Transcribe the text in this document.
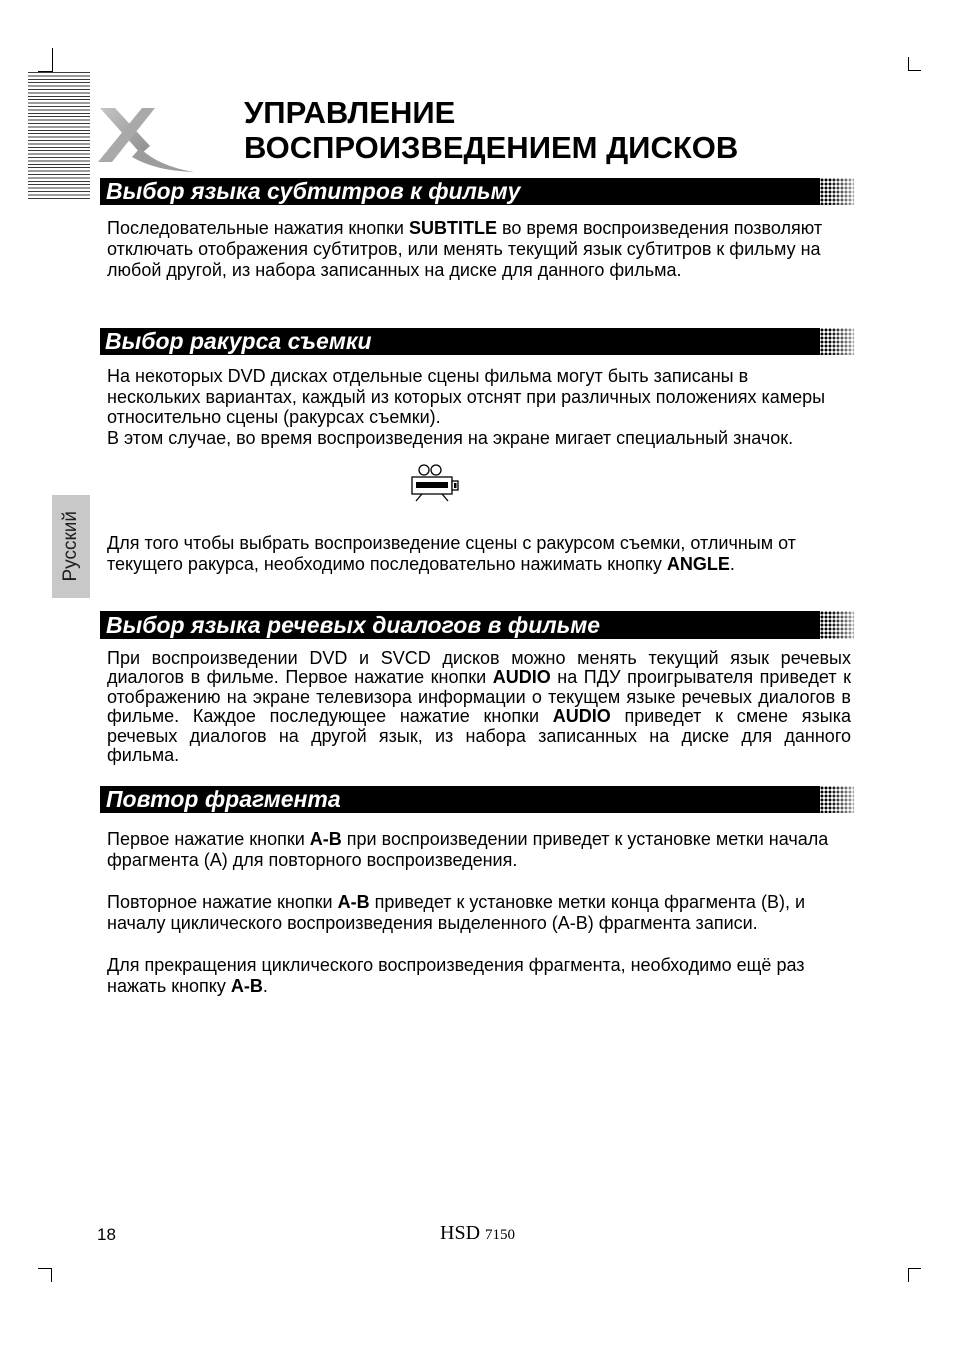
УПРАВЛЕНИЕ
ВОСПРОИЗВЕДЕНИЕМ ДИСКОВ
Выбор языка субтитров к фильму
Последовательные нажатия кнопки SUBTITLE во время воспроизведения позволяют
отключать отображения субтитров, или менять текущий язык субтитров к фильму на
любой другой, из набора записанных на диске для данного фильма.
Выбор ракурса съемки
На некоторых DVD дисках отдельные сцены фильма могут быть записаны в
нескольких вариантах, каждый из которых отснят при различных положениях камеры
относительно сцены (ракурсах съемки).
В этом случае, во время воспроизведения на экране мигает специальный значок.
Для того чтобы выбрать воспроизведение сцены с ракурсом съемки, отличным от
текущего ракурса, необходимо последовательно нажимать кнопку ANGLE.
Русский
Выбор языка речевых диалогов в фильме
При воспроизведении DVD и SVCD дисков можно менять текущий язык речевых
диалогов в фильме. Первое нажатие кнопки AUDIO на ПДУ проигрывателя приведет к
отображению на экране телевизора информации о текущем языке речевых диалогов в
фильме. Каждое последующее нажатие кнопки AUDIO приведет к смене языка
речевых диалогов на другой язык, из набора записанных на диске для данного
фильма.
Повтор фрагмента
Первое нажатие кнопки A-B при воспроизведении приведет к установке метки начала
фрагмента (А) для повторного воспроизведения.
Повторное нажатие кнопки A-B приведет к установке метки конца фрагмента (В), и
началу циклического воспроизведения выделенного (А-В) фрагмента записи.
Для прекращения циклического воспроизведения фрагмента, необходимо ещё раз
нажать кнопку A-B.
18	HSD 7150
